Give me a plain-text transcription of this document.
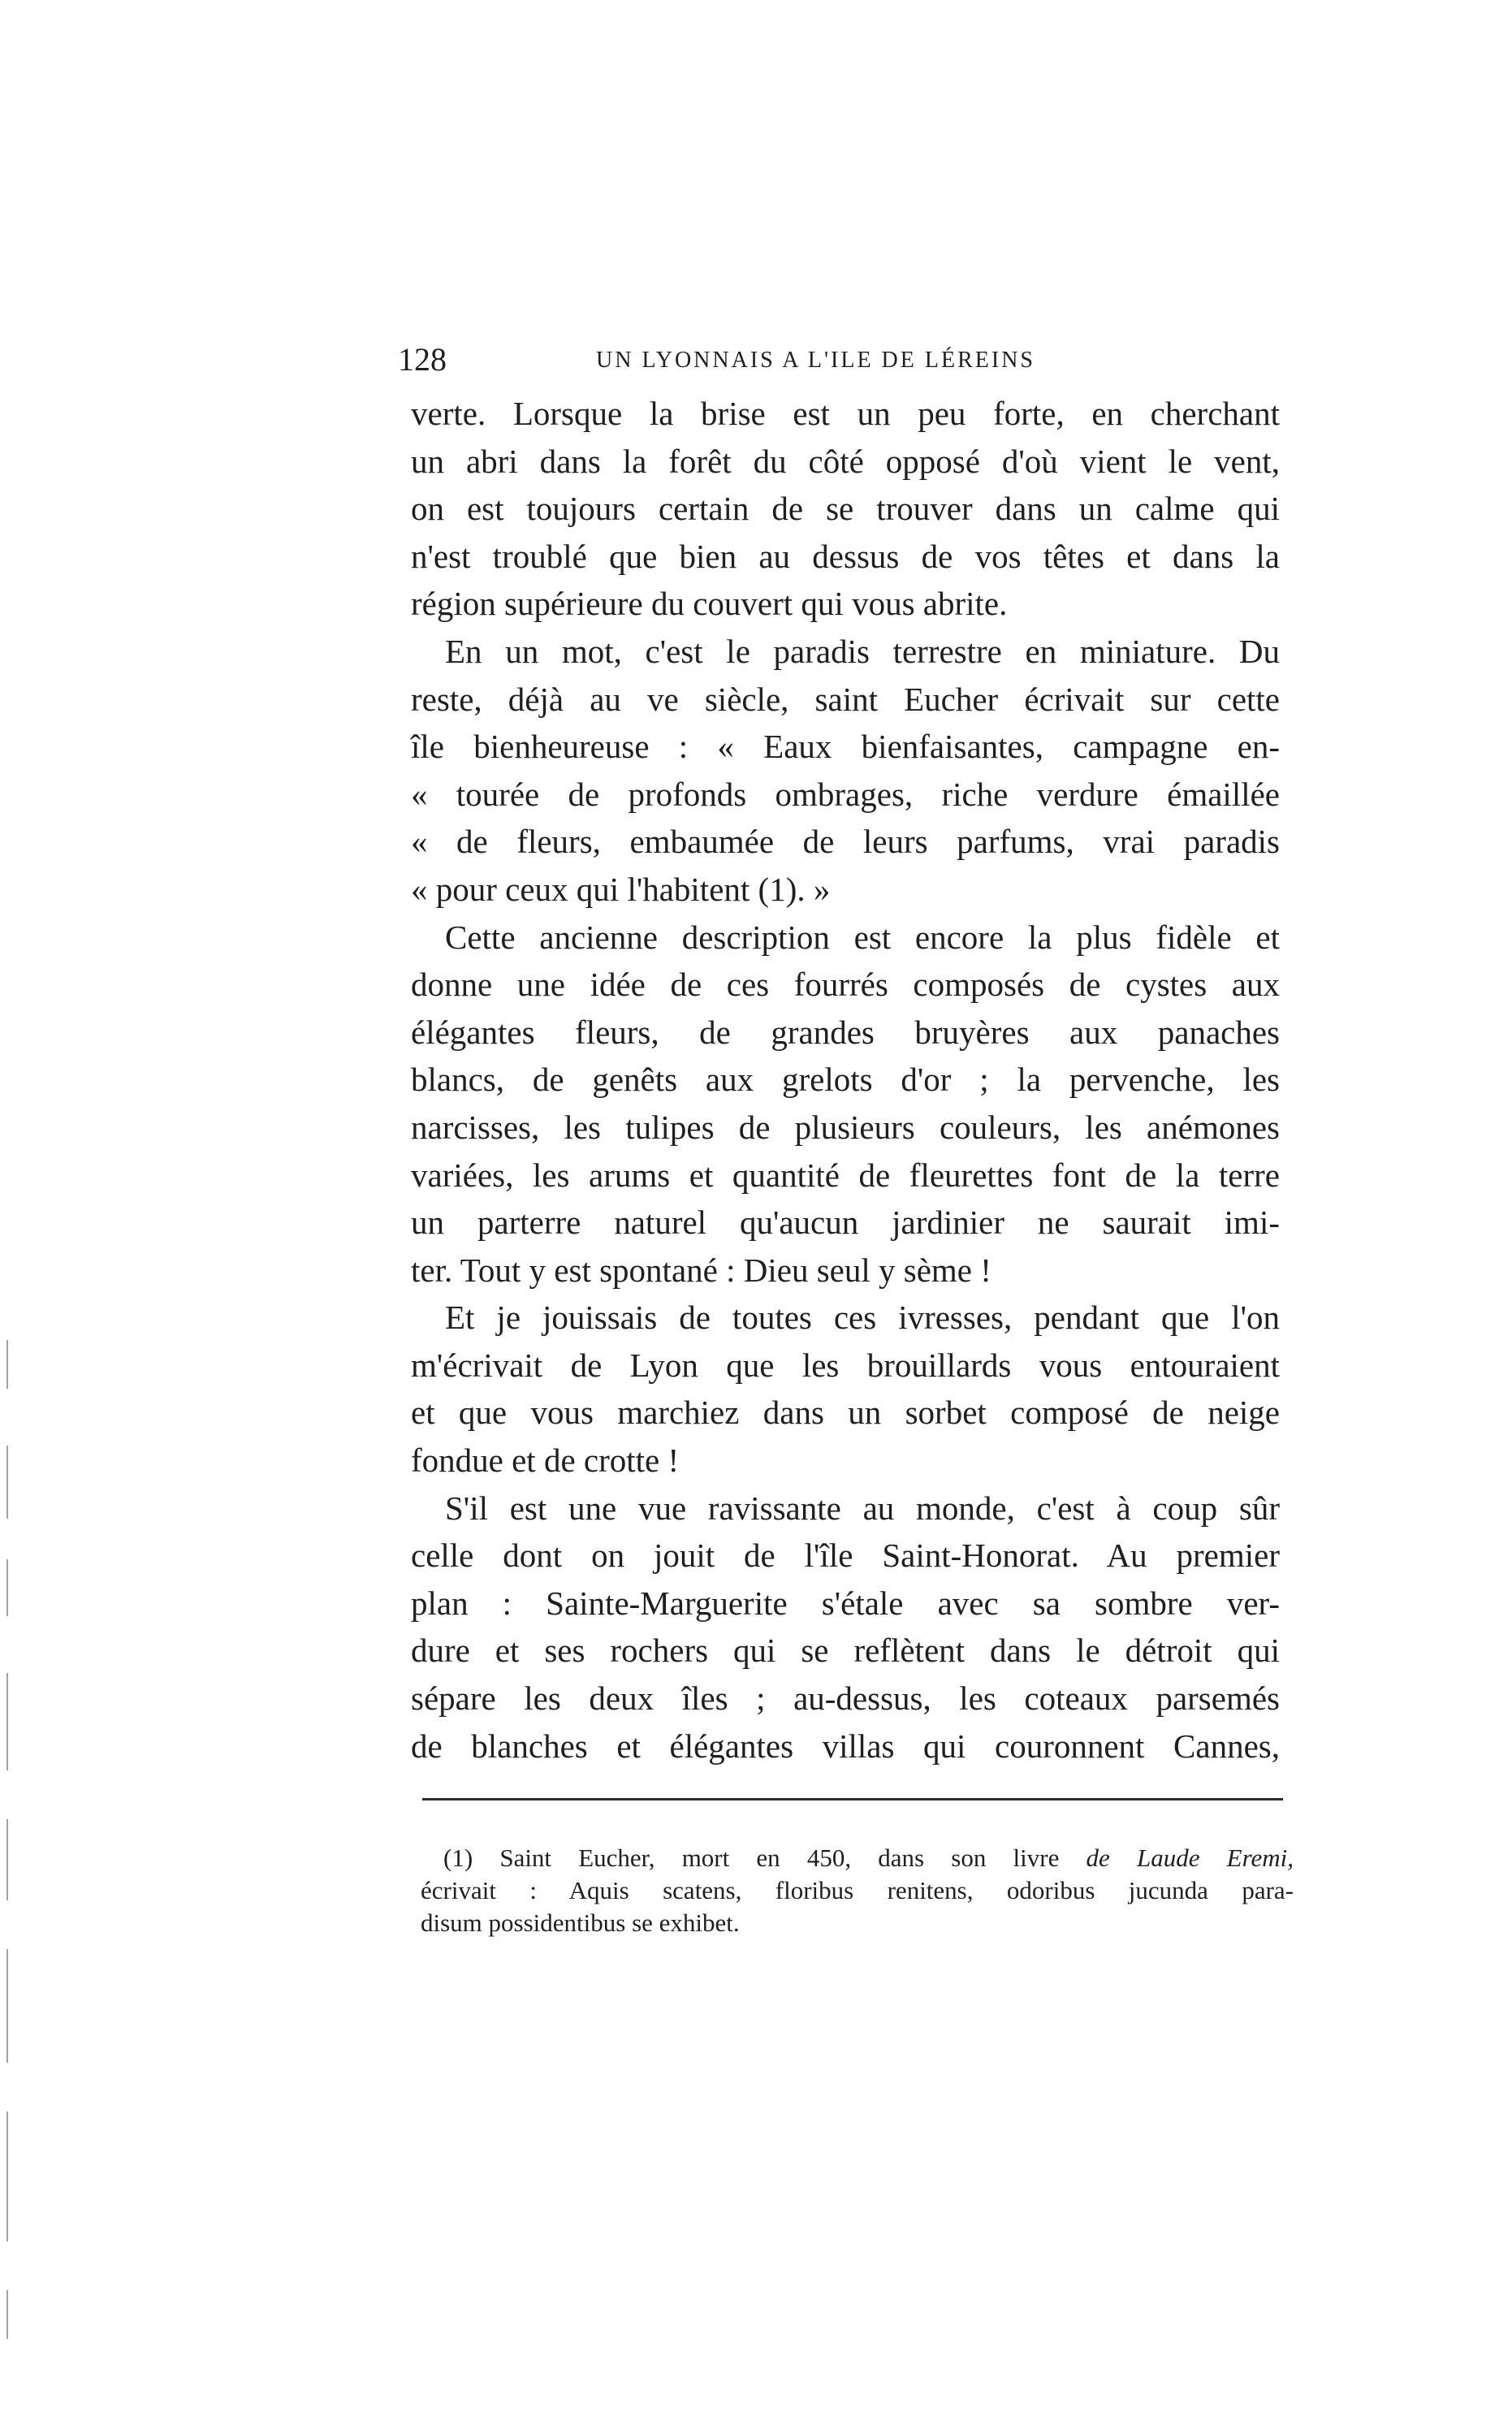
128	UN LYONNAIS A L'ILE DE LÉREINS
verte. Lorsque la brise est un peu forte, en cherchant
un abri dans la forêt du côté opposé d'où vient le vent,
on est toujours certain de se trouver dans un calme qui
n'est troublé que bien au dessus de vos têtes et dans la
région supérieure du couvert qui vous abrite.
En un mot, c'est le paradis terrestre en miniature. Du
reste, déjà au ve siècle, saint Eucher écrivait sur cette
île bienheureuse : « Eaux bienfaisantes, campagne en-
« tourée de profonds ombrages, riche verdure émaillée
« de fleurs, embaumée de leurs parfums, vrai paradis
« pour ceux qui l'habitent (1). »
Cette ancienne description est encore la plus fidèle et
donne une idée de ces fourrés composés de cystes aux
élégantes fleurs, de grandes bruyères aux panaches
blancs, de genêts aux grelots d'or ; la pervenche, les
narcisses, les tulipes de plusieurs couleurs, les anémones
variées, les arums et quantité de fleurettes font de la terre
un parterre naturel qu'aucun jardinier ne saurait imi-
ter. Tout y est spontané : Dieu seul y sème !
Et je jouissais de toutes ces ivresses, pendant que l'on
m'écrivait de Lyon que les brouillards vous entouraient
et que vous marchiez dans un sorbet composé de neige
fondue et de crotte !
S'il est une vue ravissante au monde, c'est à coup sûr
celle dont on jouit de l'île Saint-Honorat. Au premier
plan : Sainte-Marguerite s'étale avec sa sombre ver-
dure et ses rochers qui se reflètent dans le détroit qui
sépare les deux îles ; au-dessus, les coteaux parsemés
de blanches et élégantes villas qui couronnent Cannes,
(1) Saint Eucher, mort en 450, dans son livre de Laude Eremi,
écrivait : Aquis scatens, floribus renitens, odoribus jucunda para-
disum possidentibus se exhibet.
